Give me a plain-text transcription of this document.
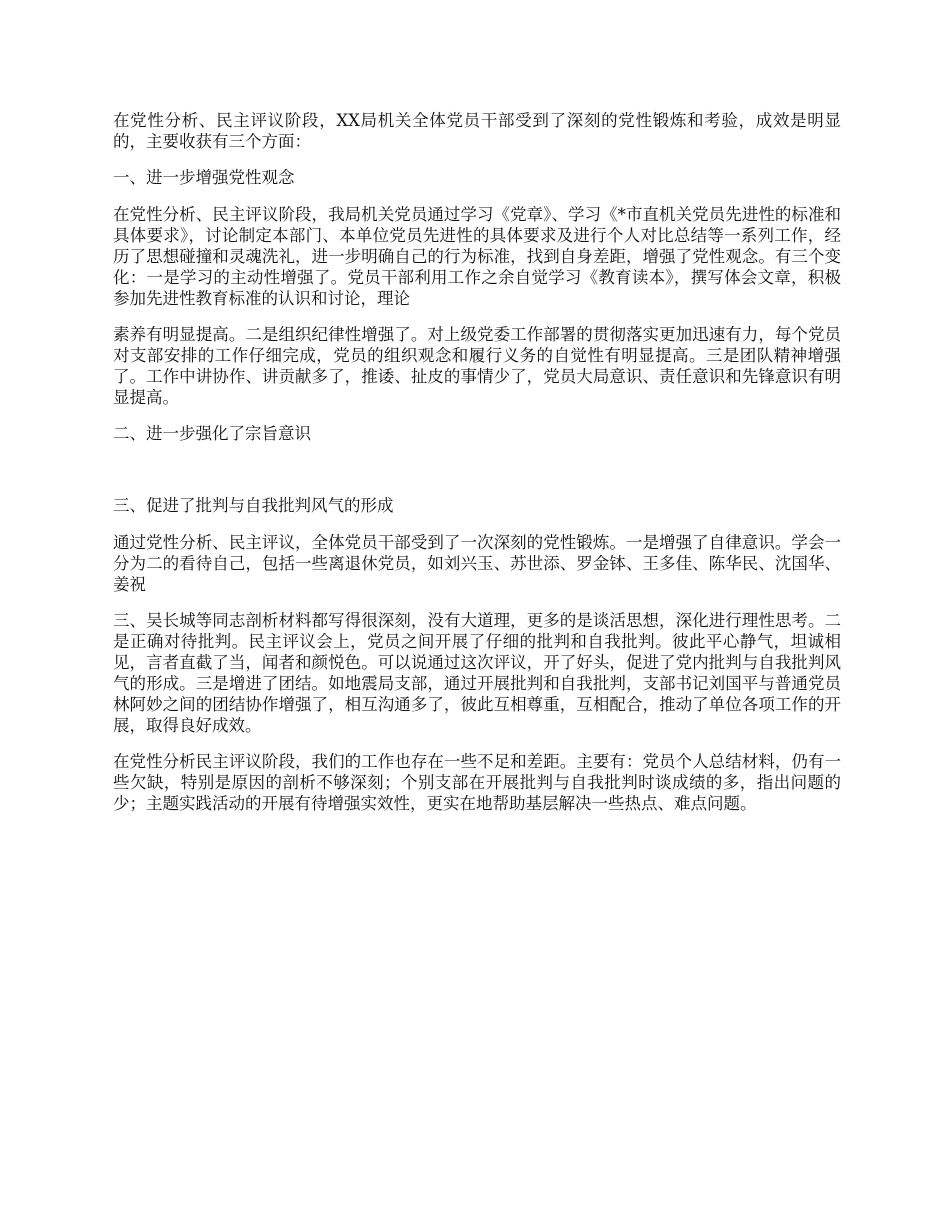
在党性分析、民主评议阶段，XX局机关全体党员干部受到了深刻的党性锻炼和考验，成效是明显的，主要收获有三个方面：

一、进一步增强党性观念

在党性分析、民主评议阶段，我局机关党员通过学习《党章》、学习《*市直机关党员先进性的标准和具体要求》，讨论制定本部门、本单位党员先进性的具体要求及进行个人对比总结等一系列工作，经历了思想碰撞和灵魂洗礼，进一步明确自己的行为标准，找到自身差距，增强了党性观念。有三个变化：一是学习的主动性增强了。党员干部利用工作之余自觉学习《教育读本》，撰写体会文章，积极参加先进性教育标准的认识和讨论，理论

素养有明显提高。二是组织纪律性增强了。对上级党委工作部署的贯彻落实更加迅速有力，每个党员对支部安排的工作仔细完成，党员的组织观念和履行义务的自觉性有明显提高。三是团队精神增强了。工作中讲协作、讲贡献多了，推诿、扯皮的事情少了，党员大局意识、责任意识和先锋意识有明显提高。

二、进一步强化了宗旨意识

三、促进了批判与自我批判风气的形成

通过党性分析、民主评议，全体党员干部受到了一次深刻的党性锻炼。一是增强了自律意识。学会一分为二的看待自己，包括一些离退休党员，如刘兴玉、苏世添、罗金钵、王多佳、陈华民、沈国华、姜祝

三、吴长城等同志剖析材料都写得很深刻，没有大道理，更多的是谈活思想，深化进行理性思考。二是正确对待批判。民主评议会上，党员之间开展了仔细的批判和自我批判。彼此平心静气，坦诚相见，言者直截了当，闻者和颜悦色。可以说通过这次评议，开了好头，促进了党内批判与自我批判风气的形成。三是增进了团结。如地震局支部，通过开展批判和自我批判，支部书记刘国平与普通党员林阿妙之间的团结协作增强了，相互沟通多了，彼此互相尊重，互相配合，推动了单位各项工作的开展，取得良好成效。

在党性分析民主评议阶段，我们的工作也存在一些不足和差距。主要有：党员个人总结材料，仍有一些欠缺，特别是原因的剖析不够深刻；个别支部在开展批判与自我批判时谈成绩的多，指出问题的少；主题实践活动的开展有待增强实效性，更实在地帮助基层解决一些热点、难点问题。
